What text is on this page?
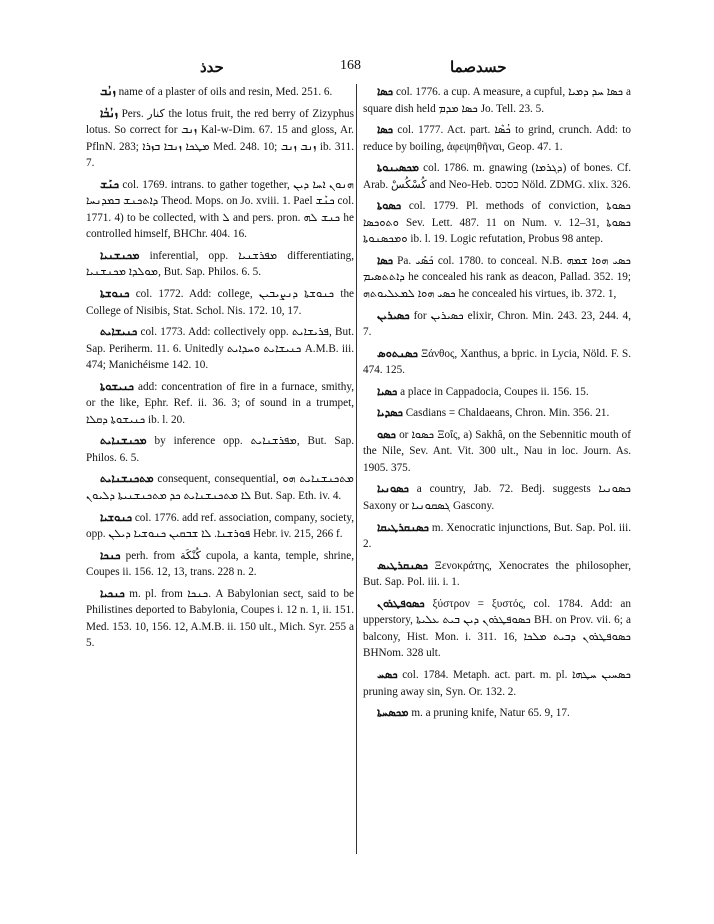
ﺣﺪﺫ	168	ﺣﺴﺪﺻﻤﺎ

ܙܢܳܒ name of a plaster of oils and resin, Med. 251. 6.

ܙܢܳܒܳܐ Pers. کنار the lotus fruit, the red berry of Zizyphus lotus. So correct for ܙܢܒ Kal-w-Dim. 67. 15 and gloss, Ar. PflnN. 283; ܡܛܟܐ ܙܢܒܐ ܒܙܪܐ Med. 248. 10; ܙܢܒ ܙܢܒ ib. 311. 7.

ܟܢܰܫ col. 1769. intrans. to gather together, ܗܢܘܢ ܐܚܐ ܕܝܢ ܕܐܬܟܢܫ ܒܡܕܢܚܐ Theod. Mops. on Jo. xviii. 1. Pael ܟܢܶܫ col. 1771. 4) to be collected, with ܠ and pers. pron. ܟܢܫ ܠܗ he controlled himself, BHChr. 404. 16.

ܡܟܢܫܢܝܐ inferential, opp. ܡܦܪܫܢܝܐ differentiating, ܡܘܠܕܐ ܡܟܢܫܢܝܐ, But. Sap. Philos. 6. 5.

ܟܢܘܫܬܐ col. 1772. Add: college, ܟܢܘܫܬܐ ܕܢܨܝܒܝܢ the College of Nisibis, Stat. Schol. Nis. 172. 10, 17.

ܟܢܝܫܐܝܬ col. 1773. Add: collectively opp. ܦܪܝܫܐܝܬ, But. Sap. Periherm. 11. 6. Unitedly ܟܢܝܫܐܝܬ ܘܚܕܐܝܬ A.M.B. iii. 474; Manichéisme 142. 10.

ܟܢܝܫܘܬܐ add: concentration of fire in a furnace, smithy, or the like, Ephr. Ref. ii. 36. 3; of sound in a trumpet, ܟܢܝܫܘܬܐ ܕܩܠܐ ib. l. 20.

ܡܟܢܫܢܐܝܬ by inference opp. ܡܦܪܫܢܐܝܬ, But. Sap. Philos. 6. 5.

ܡܬܟܢܫܢܐܝܬ consequent, consequential, ܡܬܟܢܫܢܐܝܬ ܗܘ ܠܐ ܡܬܟܢܫܢܐܝܬ ܟܕ ܡܬܟܢܫܢܝܬܐ ܕܠܝܘܢ But. Sap. Eth. iv. 4.

ܟܢܘܫܝܐ col. 1776. add ref. association, company, society, opp. ܦܘܪܫܢܐ. ܠܐ ܫܒܩܝܢ ܟܢܘܫܝܐ ܕܝܠܢ Hebr. iv. 215, 266 f.

ܟܢܟܐ perh. from كُنْكَة cupola, a kanta, temple, shrine, Coupes ii. 156. 12, 13, trans. 228 n. 2.

ܟܢܟܝܐ m. pl. from ܟܢܟܐ. A Babylonian sect, said to be Philistines deported to Babylonia, Coupes i. 12 n. 1, ii. 151. Med. 153. 10, 156. 12, A.M.B. ii. 150 ult., Mich. Syr. 255 a 5.

ܟܣܐ col. 1776. a cup. A measure, a cupful, ܟܣܐ ܚܕ ܕܡܝܐ a square dish held ܟܣܐ ܡܕܡ Jo. Tell. 23. 5.

ܟܣܐ col. 1777. Act. part. ܟܳܣܶܐ to grind, crunch. Add: to reduce by boiling, ἀφεψηθῆναι, Geop. 47. 1.

ܡܟܣܝܢܘܬܐ col. 1786. m. gnawing (ܕܓܪܡܐ) of bones. Cf. Arab. كُسْكُسْ and Neo-Heb. כסכס Nöld. ZDMG. xlix. 326.

ܟܣܘܬܐ col. 1779. Pl. methods of conviction, ܟܣܘܬܐ ܘܬܘܟܣܐ Sev. Lett. 487. 11 on Num. v. 12–31, ܟܣܘܬܐ ܘܡܟܣܢܘܬܐ ib. l. 19. Logic refutation, Probus 98 antep.

ܟܣܐ Pa. ܟܰܣܺܝ col. 1780. to conceal. N.B. ܟܣܝ ܗܘܐ ܫܡܗ ܕܐܬܬܣܝܡ he concealed his rank as deacon, Pallad. 352. 19; ܟܣܝ ܗܘܐ ܠܡܥܠܝܘܬܗ he concealed his virtues, ib. 372. 1,

ܟܣܝܪܝܢ for ܟܣܝܪܝܢ elixir, Chron. Min. 243. 23, 244. 4, 7.

ܟܣܢܬܘܣ Ξάνθος, Xanthus, a bpric. in Lycia, Nöld. F. S. 474. 125.

ܟܣܝܐ a place in Cappadocia, Coupes ii. 156. 15.

ܟܣܕܝܐ Casdians = Chaldaeans, Chron. Min. 356. 21.

ܟܣܘ or ܟܣܘܐ Ξοΐς, a) Sakhâ, on the Sebennitic mouth of the Nile, Sev. Ant. Vit. 300 ult., Nau in loc. Journ. As. 1905. 375.

ܟܣܘܢܝܐ a country, Jab. 72. Bedj. suggests ܟܣܘܢܝܐ Saxony or ܓܣܩܘܢܝܐ Gascony.

ܟܣܢܩܪܛܝܩܐ m. Xenocratic injunctions, But. Sap. Pol. iii. 2.

ܟܣܢܩܪܛܝܣ Ξενοκράτης, Xenocrates the philosopher, But. Sap. Pol. iii. i. 1.

ܟܣܘܦܛܪܘܢ ξύστρον = ξυστός, col. 1784. Add: an upperstory, ܟܣܘܦܛܪܘܢ ܕܝܢ ܒܝܬ ܥܠܝܬܐ BH. on Prov. vii. 6; a balcony, Hist. Mon. i. 311. 16, ܟܣܘܦܛܪܘܢ ܕܒܝܬ ܡܠܟܐ BHNom. 328 ult.

ܟܣܚ col. 1784. Metaph. act. part. m. pl. ܟܣܚܝܢ ܚܛܗܐ pruning away sin, Syn. Or. 132. 2.

ܡܟܣܚܬܐ m. a pruning knife, Natur 65. 9, 17.
